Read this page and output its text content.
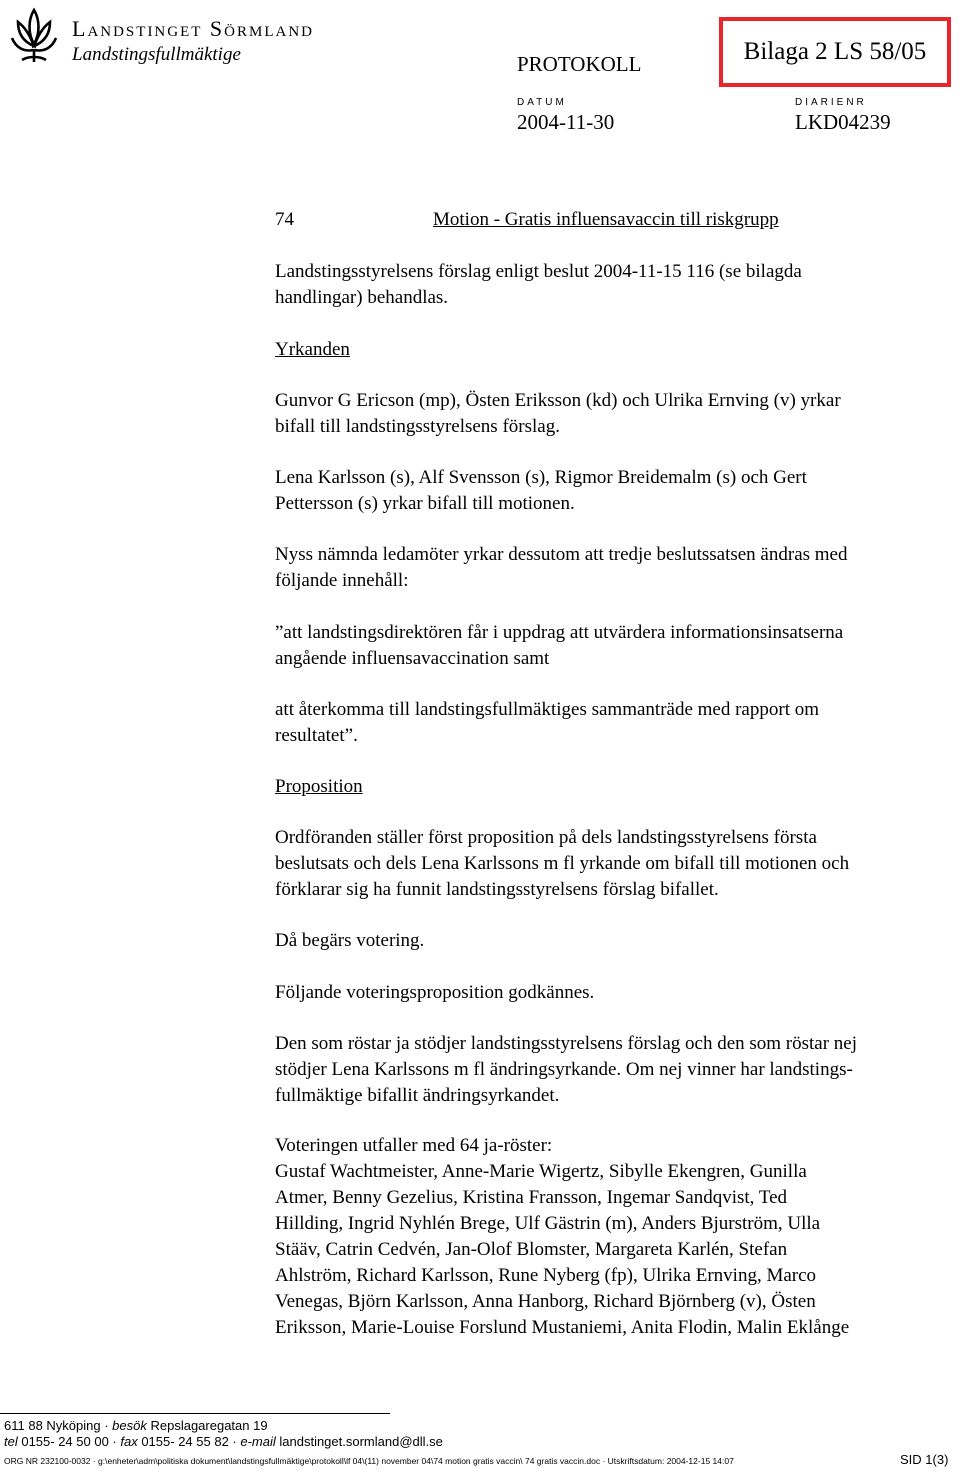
Landstinget Sörmland
Landstingsfullmäktige	PROTOKOLL	Bilaga 2 LS 58/05
DATUM
2004-11-30
DIARIENR
LKD04239
74	Motion - Gratis influensavaccin till riskgrupp
Landstingsstyrelsens förslag enligt beslut 2004-11-15 116 (se bilagda
handlingar) behandlas.
Yrkanden
Gunvor G Ericson (mp), Östen Eriksson (kd) och Ulrika Ernving (v) yrkar
bifall till landstingsstyrelsens förslag.
Lena Karlsson (s), Alf Svensson (s), Rigmor Breidemalm (s) och Gert
Pettersson (s) yrkar bifall till motionen.
Nyss nämnda ledamöter yrkar dessutom att tredje beslutssatsen ändras med
följande innehåll:
”att landstingsdirektören får i uppdrag att utvärdera informationsinsatserna
angående influensavaccination samt
att återkomma till landstingsfullmäktiges sammanträde med rapport om
resultatet”.
Proposition
Ordföranden ställer först proposition på dels landstingsstyrelsens första
beslutsats och dels Lena Karlssons m fl yrkande om bifall till motionen och
förklarar sig ha funnit landstingsstyrelsens förslag bifallet.
Då begärs votering.
Följande voteringsproposition godkännes.
Den som röstar ja stödjer landstingsstyrelsens förslag och den som röstar nej
stödjer Lena Karlssons m fl ändringsyrkande. Om nej vinner har landstings-
fullmäktige bifallit ändringsyrkandet.
Voteringen utfaller med 64 ja-röster:
Gustaf Wachtmeister, Anne-Marie Wigertz, Sibylle Ekengren, Gunilla
Atmer, Benny Gezelius, Kristina Fransson, Ingemar Sandqvist, Ted
Hillding, Ingrid Nyhlén Brege, Ulf Gästrin (m), Anders Bjurström, Ulla
Stääv, Catrin Cedvén, Jan-Olof Blomster, Margareta Karlén, Stefan
Ahlström, Richard Karlsson, Rune Nyberg (fp), Ulrika Ernving, Marco
Venegas, Björn Karlsson, Anna Hanborg, Richard Björnberg (v), Östen
Eriksson, Marie-Louise Forslund Mustaniemi, Anita Flodin, Malin Eklånge
611 88 Nyköping · besök Repslagaregatan 19
tel 0155- 24 50 00 · fax 0155- 24 55 82 · e-mail landstinget.sormland@dll.se
ORG NR 232100-0032 · g:\enheter\adm\politiska dokument\landstingsfullmäktige\protokoll\lf 04\(11) november 04\74 motion gratis vaccin\ 74 gratis vaccin.doc · Utskriftsdatum: 2004-12-15 14:07	SID 1(3)
